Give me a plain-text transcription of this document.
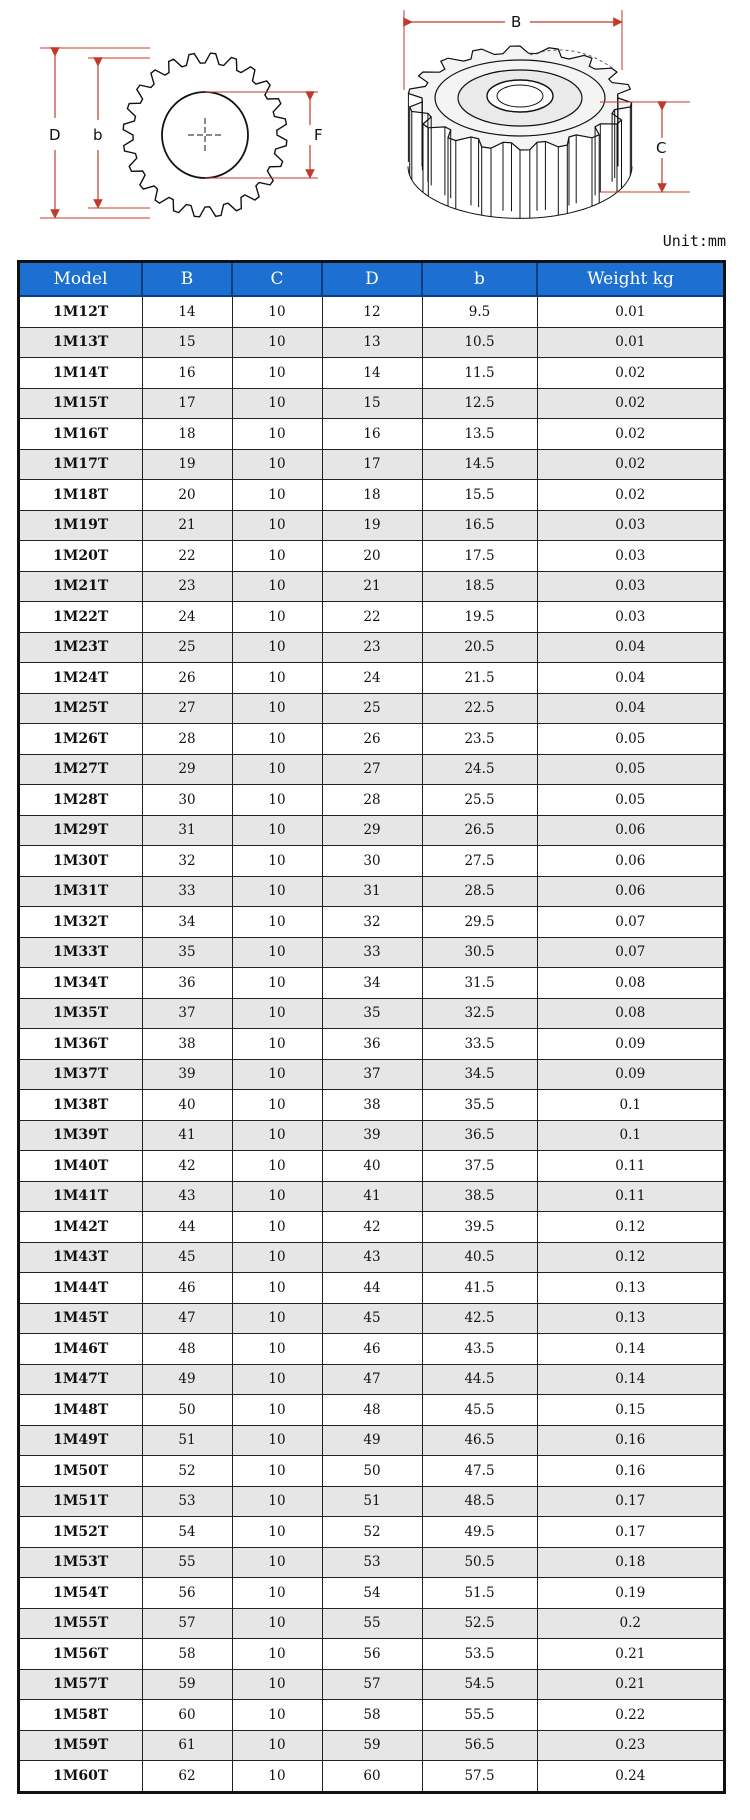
D b	F
B
C
Unit:mm
Model	B	C	D	b	Weight kg
1M12T	14	10	12	9.5	0.01
1M13T	15	10	13	10.5	0.01
1M14T	16	10	14	11.5	0.02
1M15T	17	10	15	12.5	0.02
1M16T	18	10	16	13.5	0.02
1M17T	19	10	17	14.5	0.02
1M18T	20	10	18	15.5	0.02
1M19T	21	10	19	16.5	0.03
1M20T	22	10	20	17.5	0.03
1M21T	23	10	21	18.5	0.03
1M22T	24	10	22	19.5	0.03
1M23T	25	10	23	20.5	0.04
1M24T	26	10	24	21.5	0.04
1M25T	27	10	25	22.5	0.04
1M26T	28	10	26	23.5	0.05
1M27T	29	10	27	24.5	0.05
1M28T	30	10	28	25.5	0.05
1M29T	31	10	29	26.5	0.06
1M30T	32	10	30	27.5	0.06
1M31T	33	10	31	28.5	0.06
1M32T	34	10	32	29.5	0.07
1M33T	35	10	33	30.5	0.07
1M34T	36	10	34	31.5	0.08
1M35T	37	10	35	32.5	0.08
1M36T	38	10	36	33.5	0.09
1M37T	39	10	37	34.5	0.09
1M38T	40	10	38	35.5	0.1
1M39T	41	10	39	36.5	0.1
1M40T	42	10	40	37.5	0.11
1M41T	43	10	41	38.5	0.11
1M42T	44	10	42	39.5	0.12
1M43T	45	10	43	40.5	0.12
1M44T	46	10	44	41.5	0.13
1M45T	47	10	45	42.5	0.13
1M46T	48	10	46	43.5	0.14
1M47T	49	10	47	44.5	0.14
1M48T	50	10	48	45.5	0.15
1M49T	51	10	49	46.5	0.16
1M50T	52	10	50	47.5	0.16
1M51T	53	10	51	48.5	0.17
1M52T	54	10	52	49.5	0.17
1M53T	55	10	53	50.5	0.18
1M54T	56	10	54	51.5	0.19
1M55T	57	10	55	52.5	0.2
1M56T	58	10	56	53.5	0.21
1M57T	59	10	57	54.5	0.21
1M58T	60	10	58	55.5	0.22
1M59T	61	10	59	56.5	0.23
1M60T	62	10	60	57.5	0.24
